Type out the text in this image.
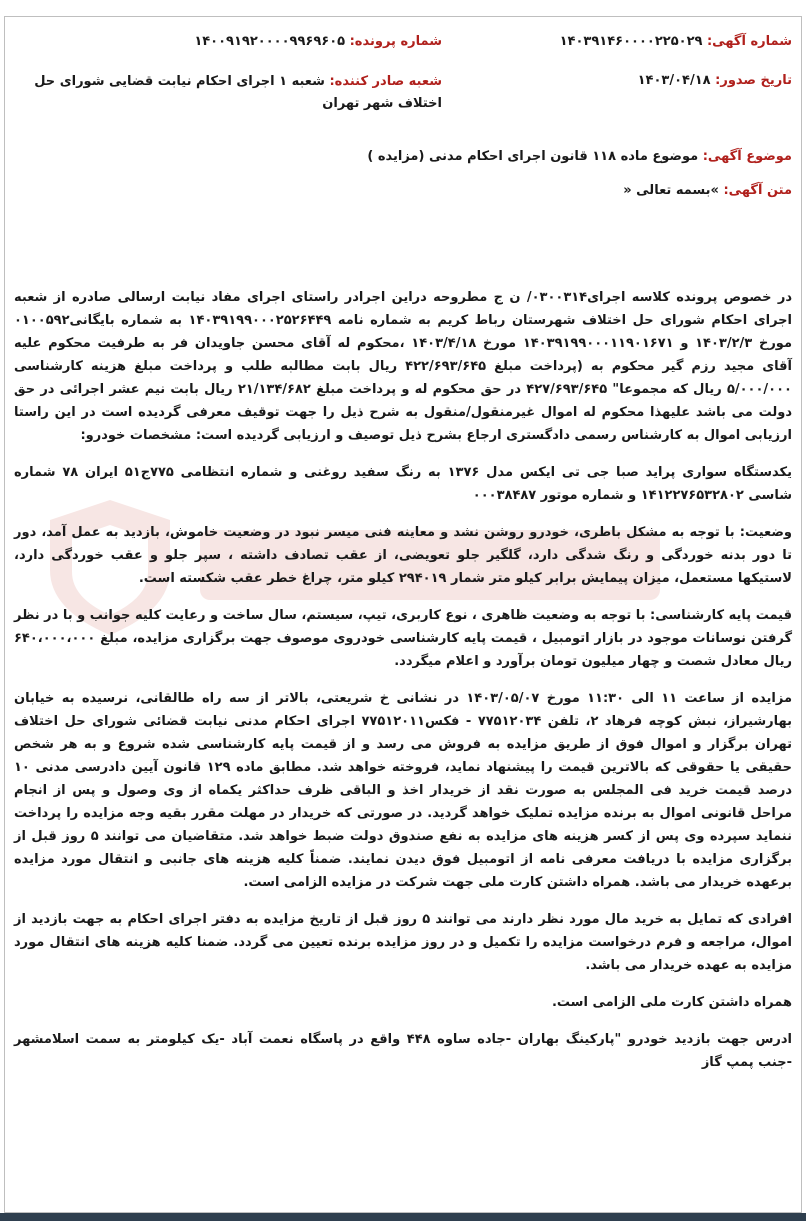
شماره آگهی: ۱۴۰۳۹۱۴۶۰۰۰۰۲۲۵۰۲۹
تاریخ صدور: ۱۴۰۳/۰۴/۱۸
شماره پرونده: ۱۴۰۰۹۱۹۲۰۰۰۰۹۹۶۹۶۰۵
شعبه صادر کننده: شعبه ۱ اجرای احکام نیابت قضایی شورای حل اختلاف شهر تهران
موضوع آگهی: موضوع ماده ۱۱۸ قانون اجرای احکام مدنی (مزایده )
متن آگهی: »بسمه تعالی «

در خصوص پرونده کلاسه اجرای۰۳۰۰۳۱۴/ ن ج مطروحه دراین اجرادر راستای اجرای مفاد نیابت ارسالی صادره از شعبه اجرای احکام شورای حل اختلاف شهرستان رباط کریم به شماره نامه ۱۴۰۳۹۱۹۹۰۰۰۲۵۲۶۴۴۹ به شماره بایگانی۰۱۰۰۵۹۲ مورخ ۱۴۰۳/۲/۳ و ۱۴۰۳۹۱۹۹۰۰۰۱۱۹۰۱۶۷۱ مورخ ۱۴۰۳/۴/۱۸ ،محکوم له آقای محسن جاویدان فر به طرفیت محکوم علیه آقای مجید رزم گیر محکوم به (پرداخت مبلغ ۴۲۲/۶۹۳/۶۴۵ ریال بابت مطالبه طلب و پرداخت مبلغ هزینه کارشناسی ۵/۰۰۰/۰۰۰ ریال که مجموعا" ۴۲۷/۶۹۳/۶۴۵ در حق محکوم له و پرداخت مبلغ ۲۱/۱۳۴/۶۸۲ ریال بابت نیم عشر اجرائی در حق دولت می باشد علیهذا محکوم له اموال غیرمنقول/منقول به شرح ذیل را جهت توقیف معرفی گردیده است در این راستا ارزیابی اموال به کارشناس رسمی دادگستری ارجاع بشرح ذیل توصیف و ارزیابی گردیده است: مشخصات خودرو:

یکدستگاه سواری پراید صبا جی تی ایکس مدل ۱۳۷۶ به رنگ سفید روغنی و شماره انتظامی ۷۷۵ج۵۱ ایران ۷۸ شماره شاسی ۱۴۱۲۲۷۶۵۳۲۸۰۲ و شماره موتور ۰۰۰۳۸۴۸۷

وضعیت: با توجه به مشکل باطری، خودرو روشن نشد و معاینه فنی میسر نبود در وضعیت خاموش، بازدید به عمل آمد، دور تا دور بدنه خوردگی و رنگ شدگی دارد، گلگیر جلو تعویضی، از عقب تصادف داشته ، سپر جلو و عقب خوردگی دارد، لاستیکها مستعمل، میزان پیمایش برابر کیلو متر شمار ۲۹۴۰۱۹ کیلو متر، چراغ خطر عقب شکسته است.

قیمت پایه کارشناسی: با توجه به وضعیت ظاهری ، نوع کاربری، تیپ، سیستم، سال ساخت و رعایت کلیه جوانب و با در نظر گرفتن نوسانات موجود در بازار اتومبیل ، قیمت پایه کارشناسی خودروی موصوف جهت برگزاری مزایده، مبلغ ۶۴۰،۰۰۰،۰۰۰ ریال معادل شصت و چهار میلیون تومان برآورد و اعلام میگردد.

مزایده از ساعت ۱۱ الی ۱۱:۳۰ مورخ ۱۴۰۳/۰۵/۰۷ در نشانی خ شریعتی، بالاتر از سه راه طالقانی، نرسیده به خیابان بهارشیراز، نبش کوچه فرهاد ۲، تلفن ۷۷۵۱۲۰۳۴ - فکس۷۷۵۱۲۰۱۱ اجرای احکام مدنی نیابت قضائی شورای حل اختلاف تهران برگزار و اموال فوق از طریق مزایده به فروش می رسد و از قیمت پایه کارشناسی شده شروع و به هر شخص حقیقی یا حقوقی که بالاترین قیمت را پیشنهاد نماید، فروخته خواهد شد. مطابق ماده ۱۲۹ قانون آیین دادرسی مدنی ۱۰ درصد قیمت خرید فی المجلس به صورت نقد از خریدار اخذ و الباقی ظرف حداکثر یکماه از وی وصول و پس از انجام مراحل قانونی اموال به برنده مزایده تملیک خواهد گردید. در صورتی که خریدار در مهلت مقرر بقیه وجه مزایده را پرداخت ننماید سپرده وی پس از کسر هزینه های مزایده به نفع صندوق دولت ضبط خواهد شد. متقاضیان می توانند ۵ روز قبل از برگزاری مزایده با دریافت معرفی نامه از اتومبیل فوق دیدن نمایند. ضمناً کلیه هزینه های جانبی و انتقال مورد مزایده برعهده خریدار می باشد. همراه داشتن کارت ملی جهت شرکت در مزایده الزامی است.

افرادی که تمایل به خرید مال مورد نظر دارند می توانند ۵ روز قبل از تاریخ مزایده به دفتر اجرای احکام به جهت بازدید از اموال، مراجعه و فرم درخواست مزایده را تکمیل و در روز مزایده برنده تعیین می گردد. ضمنا کلیه هزینه های انتقال مورد مزایده به عهده خریدار می باشد.

همراه داشتن کارت ملی الزامی است.

ادرس جهت بازدید خودرو "پارکینگ بهاران -جاده ساوه ۴۴۸ واقع در پاسگاه نعمت آباد -یک کیلومتر به سمت اسلامشهر -جنب پمپ گاز
